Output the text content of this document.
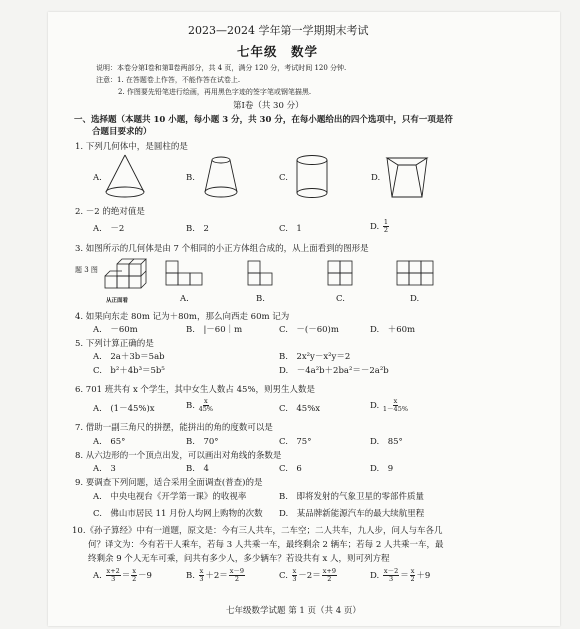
2023—2024 学年第一学期期末考试
七年级　数学
说明：本卷分第Ⅰ卷和第Ⅱ卷两部分，共 4 页，满分 120 分，考试时间 120 分钟.
注意：1. 在答题卷上作答，不能作答在试卷上.
2. 作图要先铅笔进行绘画，再用黑色字迹的签字笔或钢笔描黑.
第Ⅰ卷（共 30 分）
一、选择题（本题共 10 小题，每小题 3 分，共 30 分，在每小题给出的四个选项中，只有一项是符
合题目要求的）
1. 下列几何体中，是圆柱的是
A.	B.	C.	D.
2. －2 的绝对值是
A.　－2	B.　2	C.　1	D. $\frac{1}{2}$
3. 如图所示的几何体是由 7 个相同的小正方体组合成的，从上面看到的图形是
题 3 图
从正面看	A.	B.	C.	D.
4. 如果向东走 80m 记为＋80m，那么向西走 60m 记为
A.　－60m	B.　|－60｜m	C.　－(－60)m	D.　＋60m
5. 下列计算正确的是
A.　2a＋3b＝5ab	B.　2x²y－x²y＝2
C.　b²＋4b³＝5b⁵	D.　－4a²b＋2ba²＝－2a²b
6. 701 班共有 x 个学生，其中女生人数占 45%，则男生人数是
A.　(1－45%)x	B. $\frac{x}{45\%}$	C.　45%x	D. $\frac{x}{1-45\%}$
7. 借助一副三角尺的拼摆，能拼出的角的度数可以是
A.　65°	B.　70°	C.　75°	D.　85°
8. 从六边形的一个顶点出发，可以画出对角线的条数是
A.　3	B.　4	C.　6	D.　9
9. 要调查下列问题，适合采用全面调查(普查)的是
A.　中央电视台《开学第一课》的收视率	B.　即将发射的气象卫星的零部件质量
C.　佛山市居民 11 月份人均网上购物的次数 D.　某品牌新能源汽车的最大续航里程
10.《孙子算经》中有一道题，原文是：今有三人共车，二车空；二人共车，九人步，问人与车各几
何？译文为：今有若干人乘车，若每 3 人共乘一车，最终剩余 2 辆车；若每 2 人共乘一车，最
终剩余 9 个人无车可乘，问共有多少人，多少辆车？若设共有 x 人，则可列方程
A. $\frac{x+2}{3} = \frac{x}{2} -9$	B. $\frac{x}{3} +2= \frac{x-9}{2}$	C. $\frac{x}{3} -2= \frac{x+9}{2}$	D. $\frac{x-2}{3} = \frac{x}{2} +9$
七年级数学试题 第 1 页（共 4 页）
